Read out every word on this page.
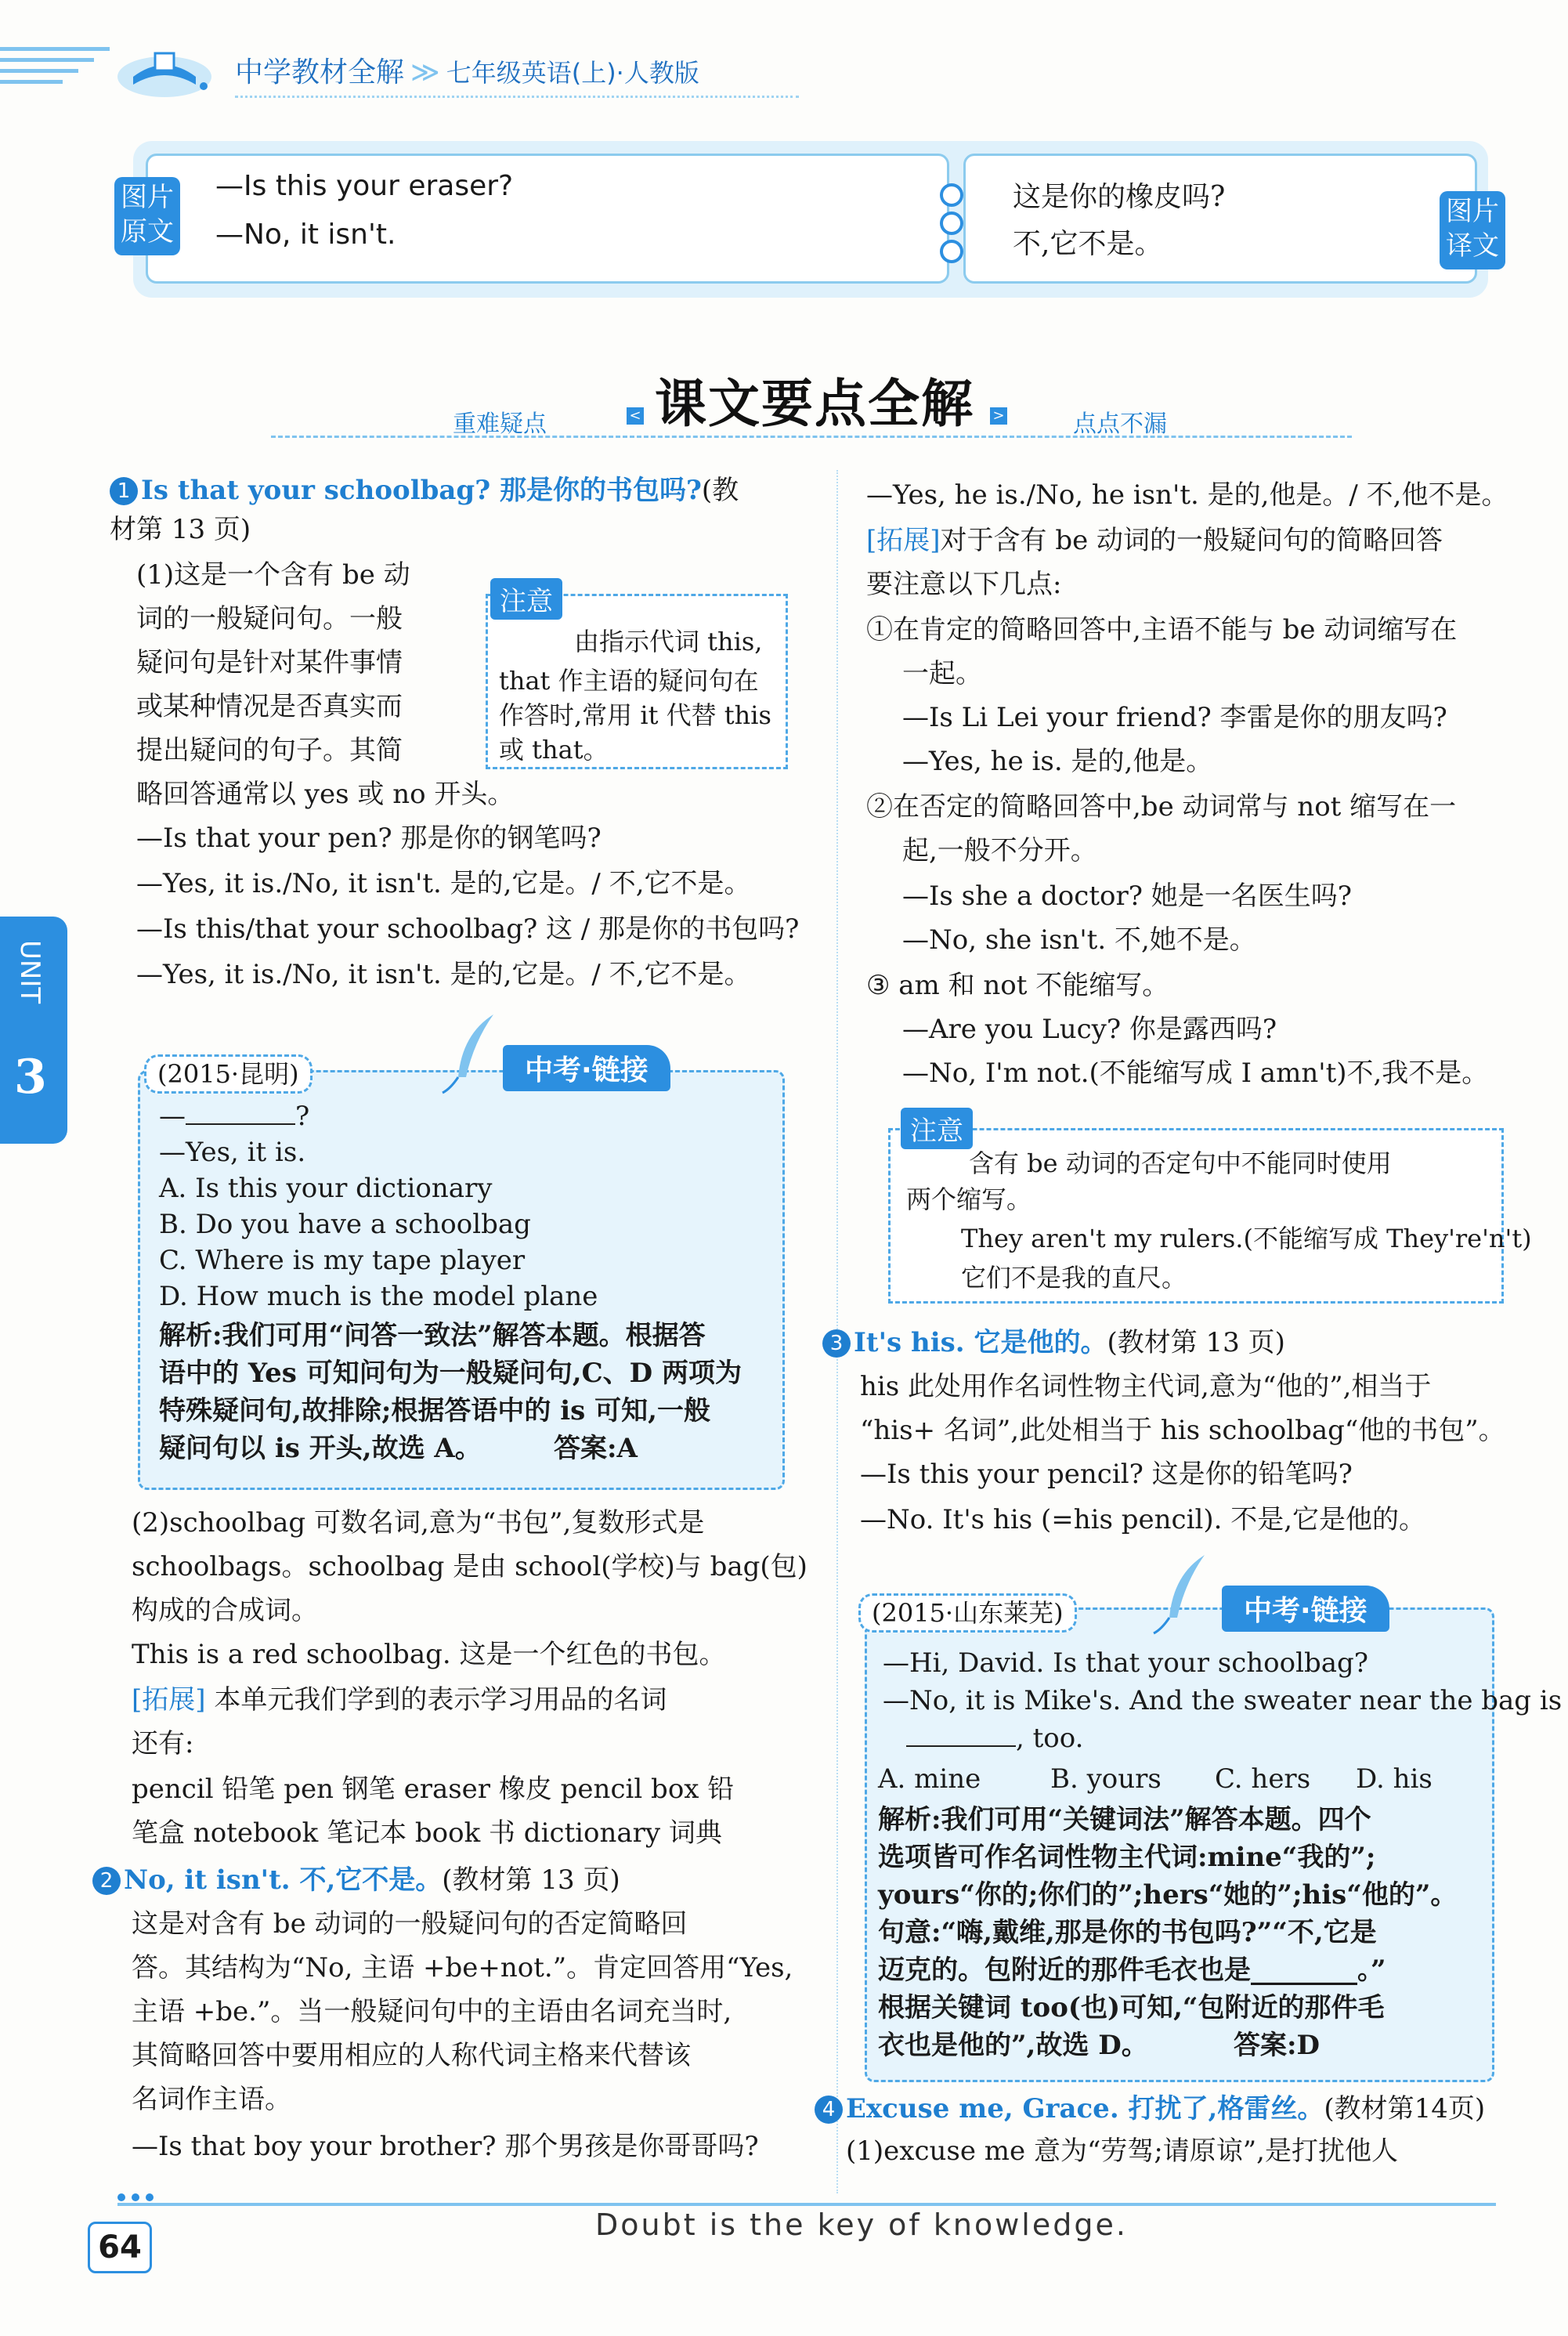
中学教材全解 ≫ 七年级英语(上)·人教版
—Is this your eraser?
—No, it isn't.
这是你的橡皮吗?
不,它不是。
图片原文
图片译文
课文要点全解
重难疑点	<	>	点点不漏
1 Is that your schoolbag? 那是你的书包吗?(教
材第 13 页)
(1)这是一个含有 be 动
词的一般疑问句。一般
疑问句是针对某件事情
或某种情况是否真实而
提出疑问的句子。其简
略回答通常以 yes 或 no 开头。
由指示代词 this,
that 作主语的疑问句在
作答时,常用 it 代替 this
或 that。
注意
—Is that your pen? 那是你的钢笔吗?
—Yes, it is./No, it isn't. 是的,它是。/ 不,它不是。
—Is this/that your schoolbag? 这 / 那是你的书包吗?
—Yes, it is./No, it isn't. 是的,它是。/ 不,它不是。
—	?
—Yes, it is.
A. Is this your dictionary
B. Do you have a schoolbag
C. Where is my tape player
D. How much is the model plane
解析:我们可用“问答一致法”解答本题。根据答
语中的 Yes 可知问句为一般疑问句,C、D 两项为
特殊疑问句,故排除;根据答语中的 is 可知,一般
疑问句以 is 开头,故选 A。	答案:A
(2015·昆明)	中考·链接
(2)schoolbag 可数名词,意为“书包”,复数形式是
schoolbags。schoolbag 是由 school(学校)与 bag(包)
构成的合成词。
This is a red schoolbag. 这是一个红色的书包。
[拓展] 本单元我们学到的表示学习用品的名词
还有:
pencil 铅笔 pen 钢笔 eraser 橡皮 pencil box 铅
笔盒 notebook 笔记本 book 书 dictionary 词典
2 No, it isn't. 不,它不是。(教材第 13 页)
这是对含有 be 动词的一般疑问句的否定简略回
答。其结构为“No, 主语 +be+not.”。肯定回答用“Yes,
主语 +be.”。当一般疑问句中的主语由名词充当时,
其简略回答中要用相应的人称代词主格来代替该
名词作主语。
—Is that boy your brother? 那个男孩是你哥哥吗?
—Yes, he is./No, he isn't. 是的,他是。/ 不,他不是。
[拓展]对于含有 be 动词的一般疑问句的简略回答
要注意以下几点:
①在肯定的简略回答中,主语不能与 be 动词缩写在
一起。
—Is Li Lei your friend? 李雷是你的朋友吗?
—Yes, he is. 是的,他是。
②在否定的简略回答中,be 动词常与 not 缩写在一
起,一般不分开。
—Is she a doctor? 她是一名医生吗?
—No, she isn't. 不,她不是。
③ am 和 not 不能缩写。
—Are you Lucy? 你是露西吗?
—No, I'm not.(不能缩写成 I amn't)不,我不是。
含有 be 动词的否定句中不能同时使用
两个缩写。
They aren't my rulers.(不能缩写成 They're'n't)
它们不是我的直尺。
注意
3 It's his. 它是他的。(教材第 13 页)
his 此处用作名词性物主代词,意为“他的”,相当于
“his+ 名词”,此处相当于 his schoolbag“他的书包”。
—Is this your pencil? 这是你的铅笔吗?
—No. It's his (=his pencil). 不是,它是他的。
—Hi, David. Is that your schoolbag?
—No, it is Mike's. And the sweater near the bag is
, too.
A. mine	B. yours C. hers D. his
解析:我们可用“关键词法”解答本题。四个
选项皆可作名词性物主代词:mine“我的”;
yours“你的;你们的”;hers“她的”;his“他的”。
句意:“嗨,戴维,那是你的书包吗?”“不,它是
迈克的。包附近的那件毛衣也是________。”
根据关键词 too(也)可知,“包附近的那件毛
衣也是他的”,故选 D。	答案:D
(2015·山东莱芜)	中考·链接
4 Excuse me, Grace. 打扰了,格雷丝。(教材第14页)
(1)excuse me 意为“劳驾;请原谅”,是打扰他人
UNIT
3
Doubt is the key of knowledge.
64
